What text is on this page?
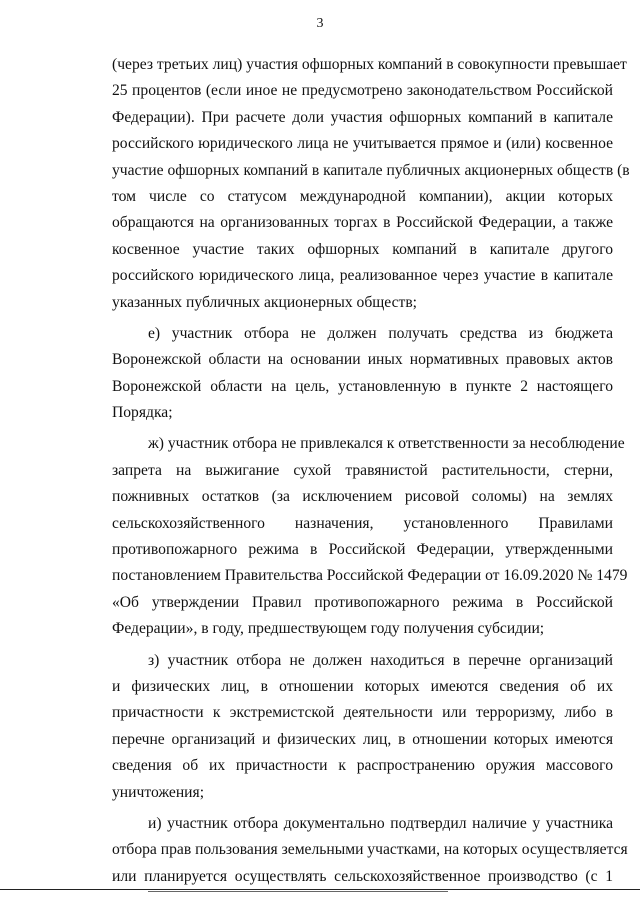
3
(через третьих лиц) участия офшорных компаний в совокупности превышает
25 процентов (если иное не предусмотрено законодательством Российской
Федерации). При расчете доли участия офшорных компаний в капитале
российского юридического лица не учитывается прямое и (или) косвенное
участие офшорных компаний в капитале публичных акционерных обществ (в
том числе со статусом международной компании), акции которых
обращаются на организованных торгах в Российской Федерации, а также
косвенное участие таких офшорных компаний в капитале другого
российского юридического лица, реализованное через участие в капитале
указанных публичных акционерных обществ;
е) участник отбора не должен получать средства из бюджета
Воронежской области на основании иных нормативных правовых актов
Воронежской области на цель, установленную в пункте 2 настоящего
Порядка;
ж) участник отбора не привлекался к ответственности за несоблюдение
запрета на выжигание сухой травянистой растительности, стерни,
пожнивных остатков (за исключением рисовой соломы) на землях
сельскохозяйственного назначения, установленного Правилами
противопожарного режима в Российской Федерации, утвержденными
постановлением Правительства Российской Федерации от 16.09.2020 № 1479
«Об утверждении Правил противопожарного режима в Российской
Федерации», в году, предшествующем году получения субсидии;
з) участник отбора не должен находиться в перечне организаций
и физических лиц, в отношении которых имеются сведения об их
причастности к экстремистской деятельности или терроризму, либо в
перечне организаций и физических лиц, в отношении которых имеются
сведения об их причастности к распространению оружия массового
уничтожения;
и) участник отбора документально подтвердил наличие у участника
отбора прав пользования земельными участками, на которых осуществляется
или планируется осуществлять сельскохозяйственное производство (с 1
